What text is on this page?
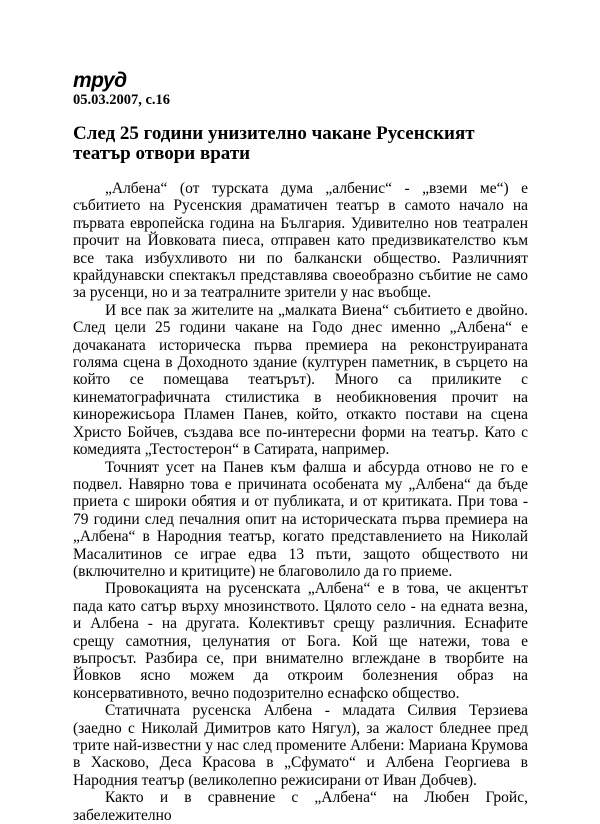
труд
05.03.2007, с.16
След 25 години унизително чакане Русенският театър отвори врати

„Албена“ (от турската дума „албенис“ - „вземи ме“) е събитието на Русенския драматичен театър в самото начало на първата европейска година на България. Удивително нов театрален прочит на Йовковата пиеса, отправен като предизвикателство към все така избухливото ни по балкански общество. Различният крайдунавски спектакъл представлява своеобразно събитие не само за русенци, но и за театралните зрители у нас въобще.

И все пак за жителите на „малката Виена“ събитието е двойно. След цели 25 години чакане на Годо днес именно „Албена“ е дочаканата историческа първа премиера на реконструираната голяма сцена в Доходното здание (културен паметник, в сърцето на който се помещава театърът). Много са приликите с кинематографичната стилистика в необикновения прочит на кинорежисьора Пламен Панев, който, откакто постави на сцена Христо Бойчев, създава все по-интересни форми на театър. Като с комедията „Тестостерон“ в Сатирата, например.

Точният усет на Панев към фалша и абсурда отново не го е подвел. Навярно това е причината особената му „Албена“ да бъде приета с широки обятия и от публиката, и от критиката. При това - 79 години след печалния опит на историческата първа премиера на „Албена“ в Народния театър, когато представлението на Николай Масалитинов се играе едва 13 пъти, защото обществото ни (включително и критиците) не благоволило да го приеме.

Провокацията на русенската „Албена“ е в това, че акцентът пада като сатър върху мнозинството. Цялото село - на едната везна, и Албена - на другата. Колективът срещу различния. Еснафите срещу самотния, целунатия от Бога. Кой ще натежи, това е въпросът. Разбира се, при внимателно вглеждане в творбите на Йовков ясно можем да откроим болезнения образ на консервативното, вечно подозрително еснафско общество.

Статичната русенска Албена - младата Силвия Терзиева (заедно с Николай Димитров като Нягул), за жалост бледнее пред трите най-известни у нас след промените Албени: Мариана Крумова в Хасково, Деса Красова в „Сфумато“ и Албена Георгиева в Народния театър (великолепно режисирани от Иван Добчев).

Както и в сравнение с „Албена“ на Любен Гройс, забележително
